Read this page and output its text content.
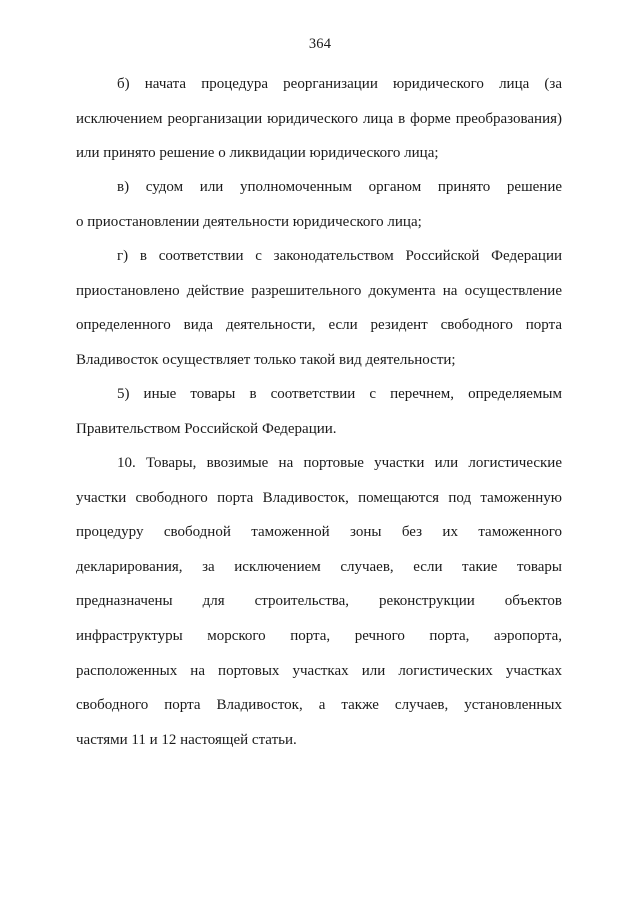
364
б) начата процедура реорганизации юридического лица (за
исключением реорганизации юридического лица в форме преобразования)
или принято решение о ликвидации юридического лица;
в) судом или уполномоченным органом принято решение
о приостановлении деятельности юридического лица;
г) в соответствии с законодательством Российской Федерации
приостановлено действие разрешительного документа на осуществление
определенного вида деятельности, если резидент свободного порта
Владивосток осуществляет только такой вид деятельности;
5) иные товары в соответствии с перечнем, определяемым
Правительством Российской Федерации.
10. Товары, ввозимые на портовые участки или логистические
участки свободного порта Владивосток, помещаются под таможенную
процедуру свободной таможенной зоны без их таможенного
декларирования, за исключением случаев, если такие товары
предназначены для строительства, реконструкции объектов
инфраструктуры морского порта, речного порта, аэропорта,
расположенных на портовых участках или логистических участках
свободного порта Владивосток, а также случаев, установленных
частями 11 и 12 настоящей статьи.
